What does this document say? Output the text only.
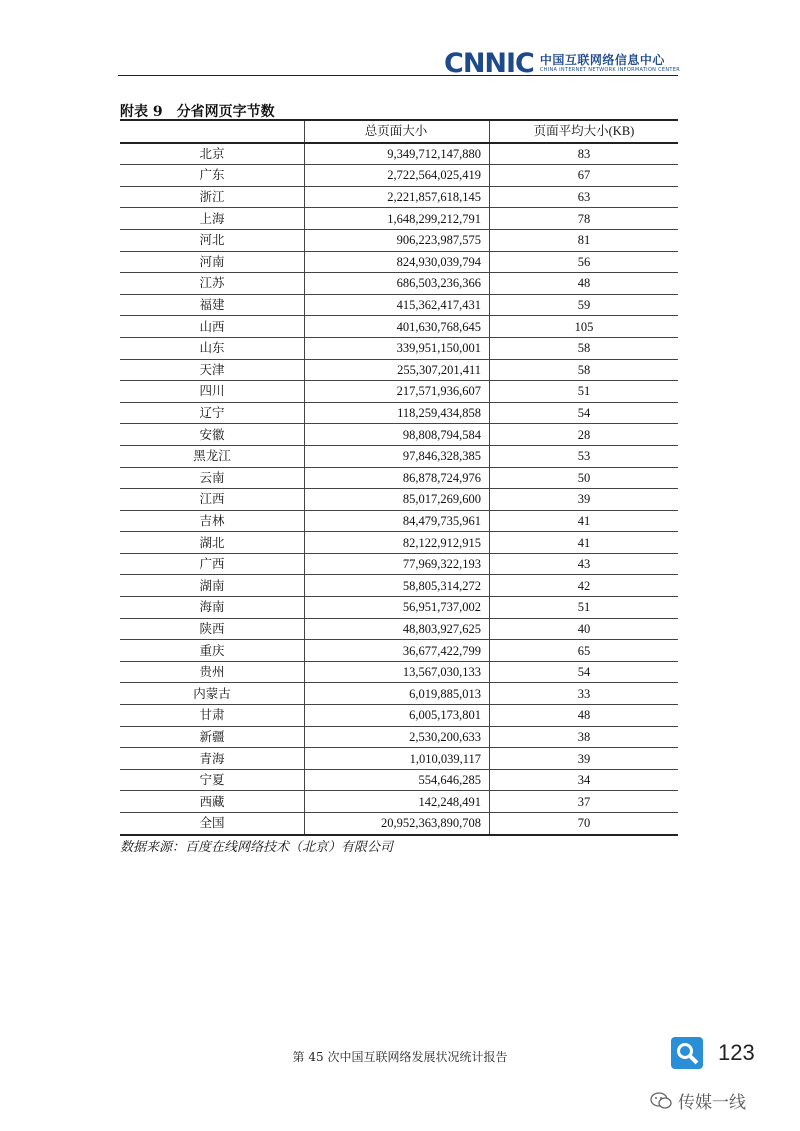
CNNIC 中国互联网络信息中心
CHINA INTERNET NETWORK INFORMATION CENTER
附表 9　分省网页字节数
	总页面大小	页面平均大小(KB)
北京	9,349,712,147,880	83
广东	2,722,564,025,419	67
浙江	2,221,857,618,145	63
上海	1,648,299,212,791	78
河北	906,223,987,575	81
河南	824,930,039,794	56
江苏	686,503,236,366	48
福建	415,362,417,431	59
山西	401,630,768,645	105
山东	339,951,150,001	58
天津	255,307,201,411	58
四川	217,571,936,607	51
辽宁	118,259,434,858	54
安徽	98,808,794,584	28
黑龙江	97,846,328,385	53
云南	86,878,724,976	50
江西	85,017,269,600	39
吉林	84,479,735,961	41
湖北	82,122,912,915	41
广西	77,969,322,193	43
湖南	58,805,314,272	42
海南	56,951,737,002	51
陕西	48,803,927,625	40
重庆	36,677,422,799	65
贵州	13,567,030,133	54
内蒙古	6,019,885,013	33
甘肃	6,005,173,801	48
新疆	2,530,200,633	38
青海	1,010,039,117	39
宁夏	554,646,285	34
西藏	142,248,491	37
全国	20,952,363,890,708	70
数据来源：百度在线网络技术（北京）有限公司
第 45 次中国互联网络发展状况统计报告	123
传媒一线
